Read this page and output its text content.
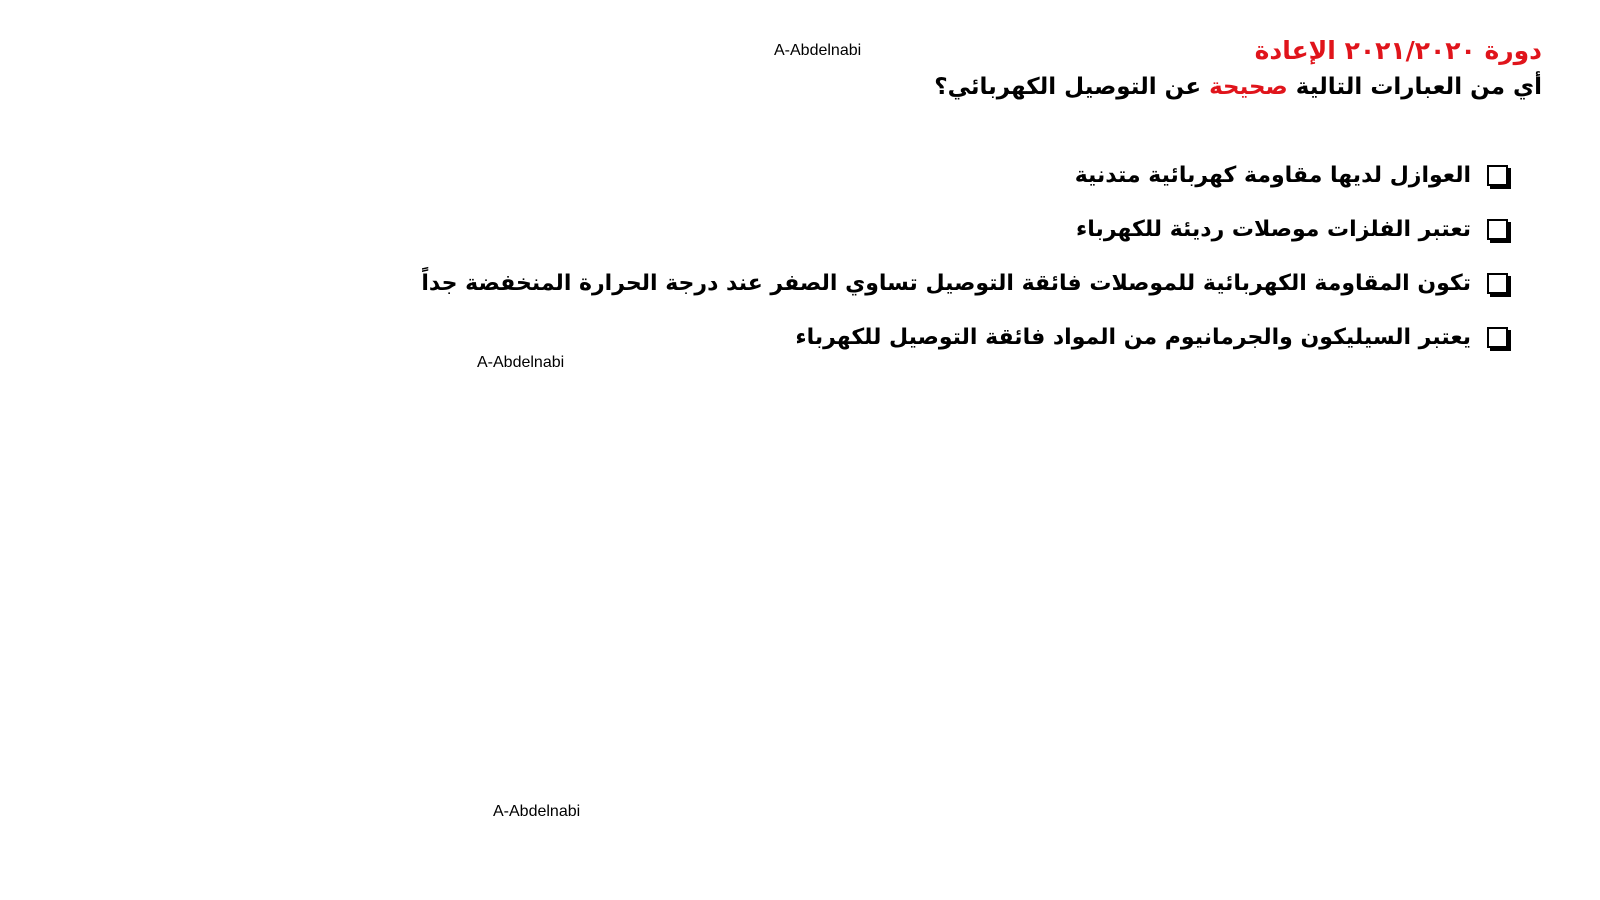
A-Abdelnabi	دورة ٢٠٢١/٢٠٢٠ الإعادة
أي من العبارات التالية صحيحة عن التوصيل الكهربائي؟
العوازل لديها مقاومة كهربائية متدنية
تعتبر الفلزات موصلات رديئة للكهرباء
تكون المقاومة الكهربائية للموصلات فائقة التوصيل تساوي الصفر عند درجة الحرارة المنخفضة جداً
يعتبر السيليكون والجرمانيوم من المواد فائقة التوصيل للكهرباء
A-Abdelnabi
A-Abdelnabi
